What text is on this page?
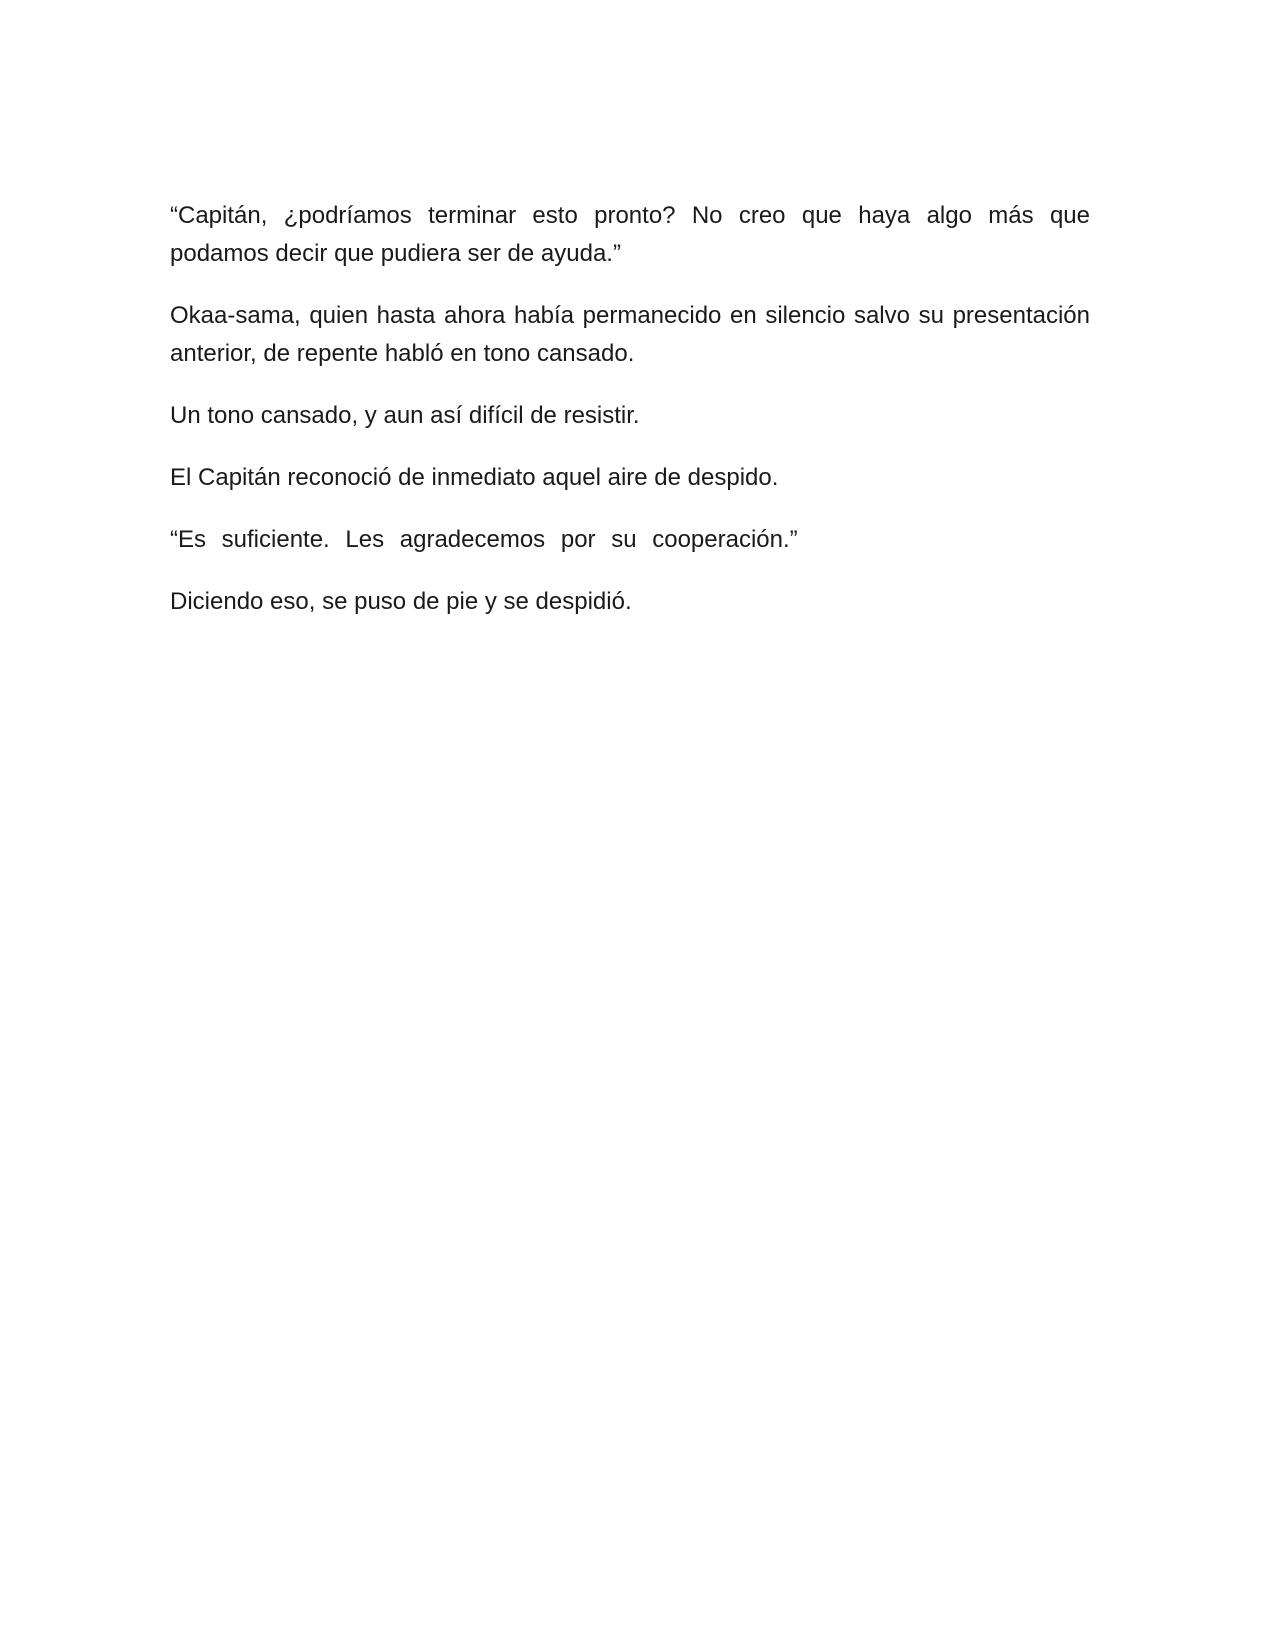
“Capitán, ¿podríamos terminar esto pronto? No creo que haya algo más que
podamos decir que pudiera ser de ayuda.”
Okaa-sama, quien hasta ahora había permanecido en silencio salvo su presentación
anterior, de repente habló en tono cansado.
Un tono cansado, y aun así difícil de resistir.
El Capitán reconoció de inmediato aquel aire de despido.
“Es suficiente. Les agradecemos por su cooperación.”
Diciendo eso, se puso de pie y se despidió.
